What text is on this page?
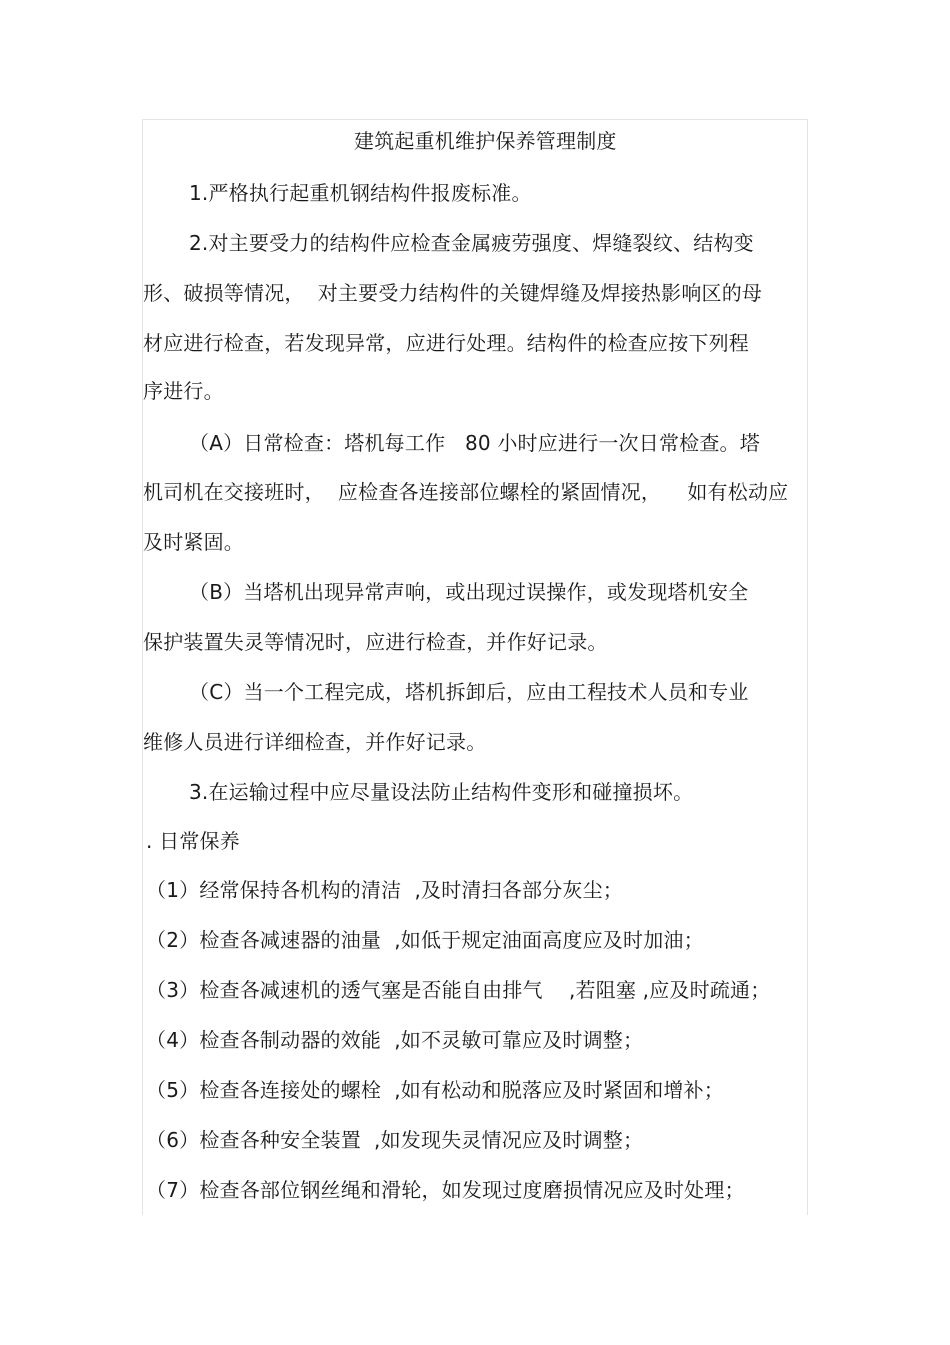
建筑起重机维护保养管理制度
1.严格执行起重机钢结构件报废标准。
2.对主要受力的结构件应检查金属疲劳强度、焊缝裂纹、结构变
形、破损等情况，  对主要受力结构件的关键焊缝及焊接热影响区的母
材应进行检查，若发现异常，应进行处理。结构件的检查应按下列程
序进行。
（A）日常检查：塔机每工作   80 小时应进行一次日常检查。塔
机司机在交接班时，  应检查各连接部位螺栓的紧固情况，    如有松动应
及时紧固。
（B）当塔机出现异常声响，或出现过误操作，或发现塔机安全
保护装置失灵等情况时，应进行检查，并作好记录。
（C）当一个工程完成，塔机拆卸后，应由工程技术人员和专业
维修人员进行详细检查，并作好记录。
3.在运输过程中应尽量设法防止结构件变形和碰撞损坏。
. 日常保养
（1）经常保持各机构的清洁  ,及时清扫各部分灰尘；
（2）检查各减速器的油量  ,如低于规定油面高度应及时加油；
（3）检查各减速机的透气塞是否能自由排气    ,若阻塞 ,应及时疏通；
（4）检查各制动器的效能  ,如不灵敏可靠应及时调整；
（5）检查各连接处的螺栓  ,如有松动和脱落应及时紧固和增补；
（6）检查各种安全装置  ,如发现失灵情况应及时调整；
（7）检查各部位钢丝绳和滑轮，如发现过度磨损情况应及时处理；
